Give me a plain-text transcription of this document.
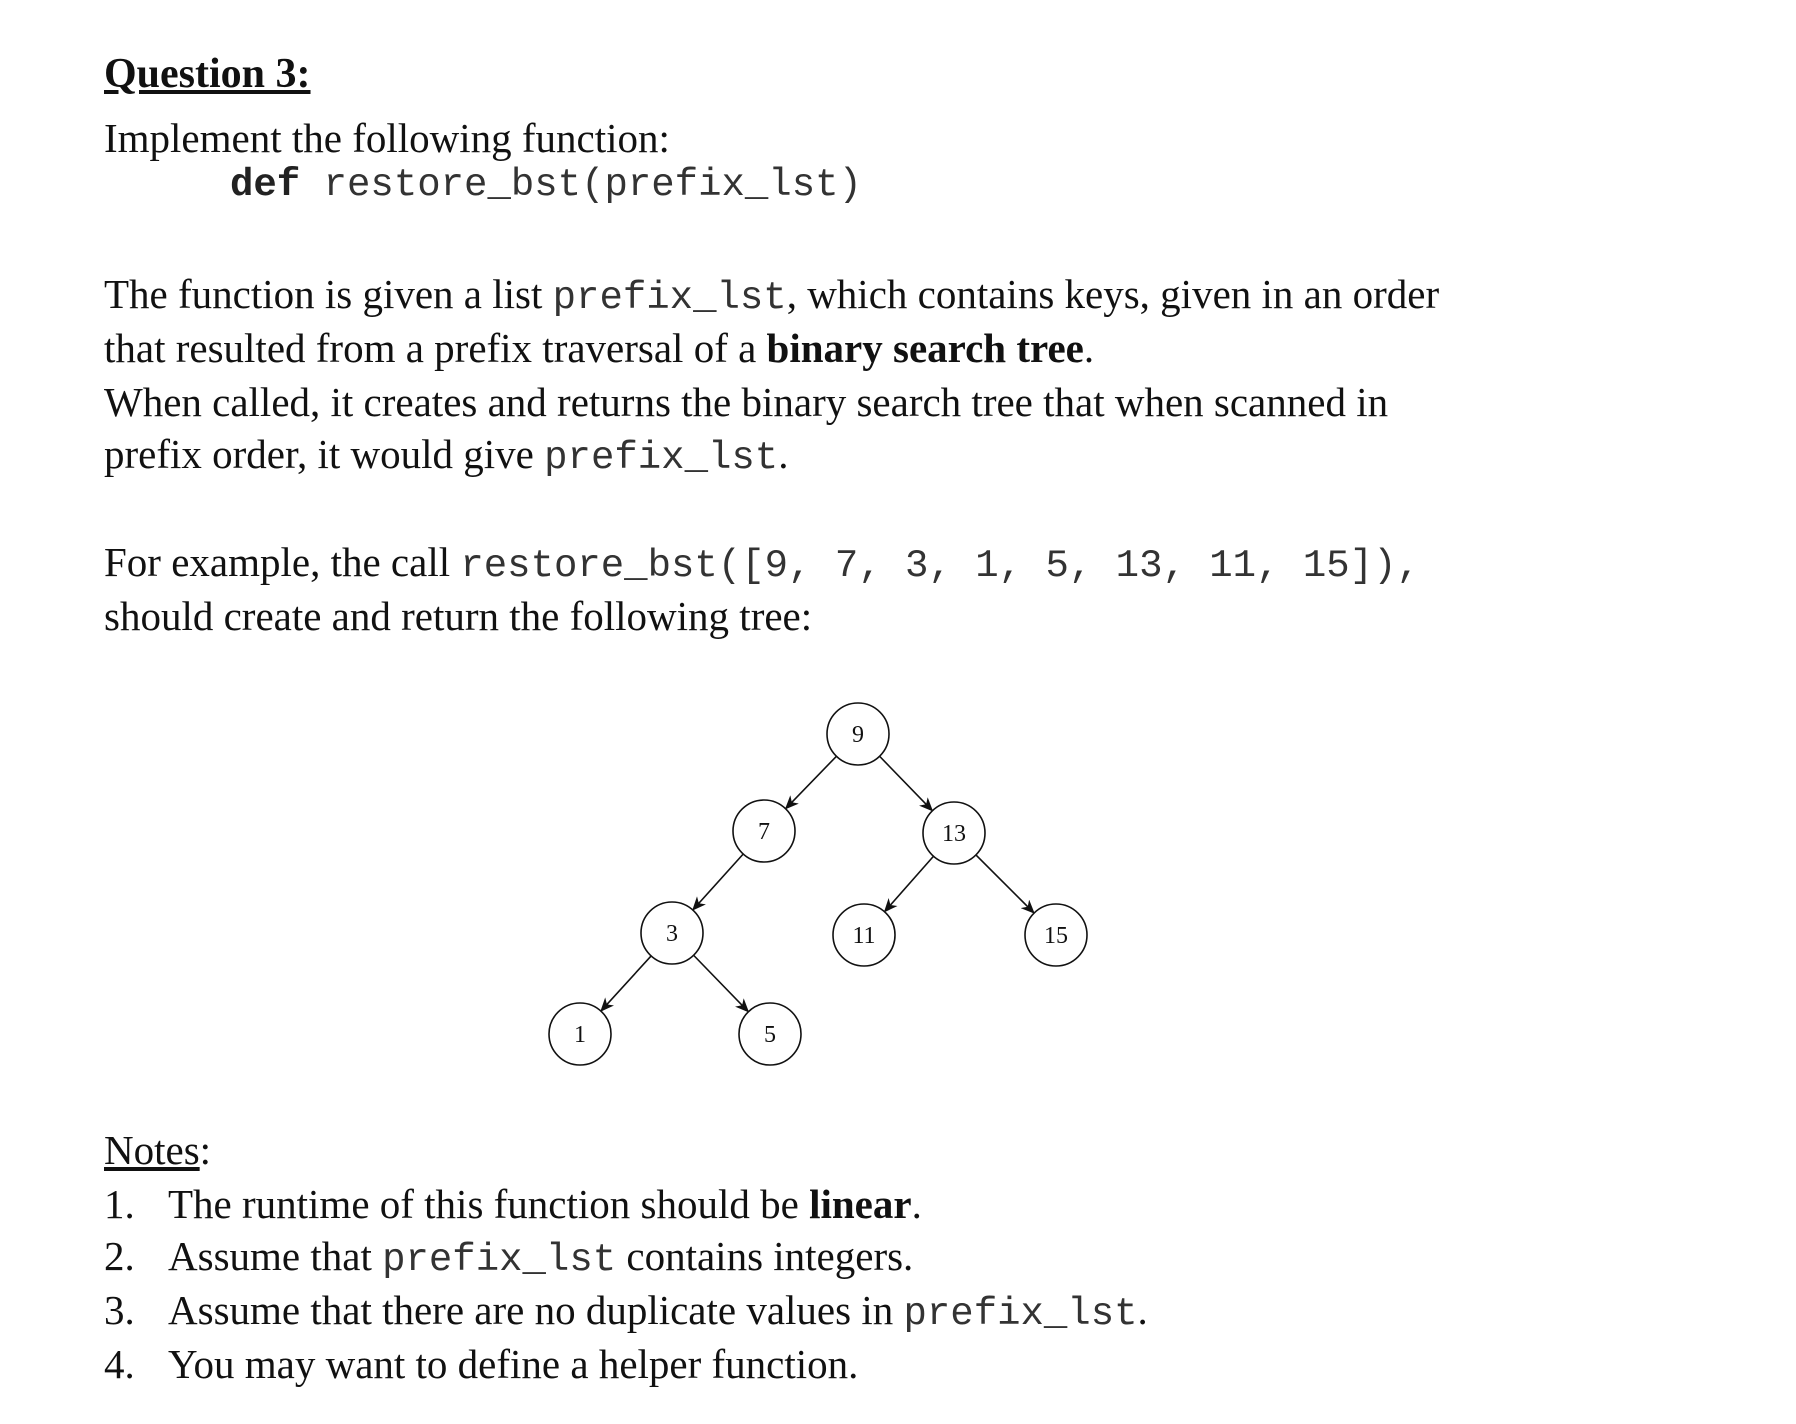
Question 3:
Implement the following function:
def restore_bst(prefix_lst)
The function is given a list prefix_lst, which contains keys, given in an order
that resulted from a prefix traversal of a binary search tree.
When called, it creates and returns the binary search tree that when scanned in
prefix order, it would give prefix_lst.
For example, the call restore_bst([9, 7, 3, 1, 5, 13, 11, 15]),
should create and return the following tree:
9
7	13
3	11	15
1	5
Notes:
1. The runtime of this function should be linear.
2. Assume that prefix_lst contains integers.
3. Assume that there are no duplicate values in prefix_lst.
4. You may want to define a helper function.
